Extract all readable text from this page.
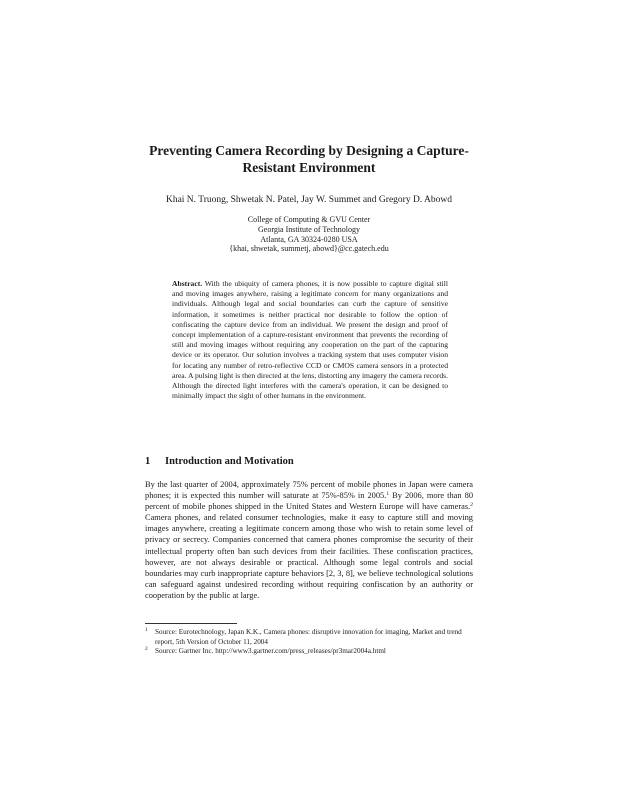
Preventing Camera Recording by Designing a Capture-Resistant Environment
Khai N. Truong, Shwetak N. Patel, Jay W. Summet and Gregory D. Abowd
College of Computing & GVU Center
Georgia Institute of Technology
Atlanta, GA 30324-0280 USA
{khai, shwetak, summetj, abowd}@cc.gatech.edu
Abstract. With the ubiquity of camera phones, it is now possible to capture digital still and moving images anywhere, raising a legitimate concern for many organizations and individuals. Although legal and social boundaries can curb the capture of sensitive information, it sometimes is neither practical nor desirable to follow the option of confiscating the capture device from an individual. We present the design and proof of concept implementation of a capture-resistant environment that prevents the recording of still and moving images without requiring any cooperation on the part of the capturing device or its operator. Our solution involves a tracking system that uses computer vision for locating any number of retro-reflective CCD or CMOS camera sensors in a protected area. A pulsing light is then directed at the lens, distorting any imagery the camera records. Although the directed light interferes with the camera's operation, it can be designed to minimally impact the sight of other humans in the environment.
1 Introduction and Motivation
By the last quarter of 2004, approximately 75% percent of mobile phones in Japan were camera phones; it is expected this number will saturate at 75%-85% in 2005.$^1$ By 2006, more than 80 percent of mobile phones shipped in the United States and Western Europe will have cameras.$^2$ Camera phones, and related consumer technologies, make it easy to capture still and moving images anywhere, creating a legitimate concern among those who wish to retain some level of privacy or secrecy. Companies concerned that camera phones compromise the security of their intellectual property often ban such devices from their facilities. These confiscation practices, however, are not always desirable or practical. Although some legal controls and social boundaries may curb inappropriate capture behaviors [2, 3, 8], we believe technological solutions can safeguard against undesired recording without requiring confiscation by an authority or cooperation by the public at large.
$^1$	Source: Eurotechnology, Japan K.K., Camera phones: disruptive innovation for imaging, Market and trend report, 5th Version of October 11, 2004
$^2$	Source: Gartner Inc. http://www3.gartner.com/press_releases/pr3mar2004a.html
